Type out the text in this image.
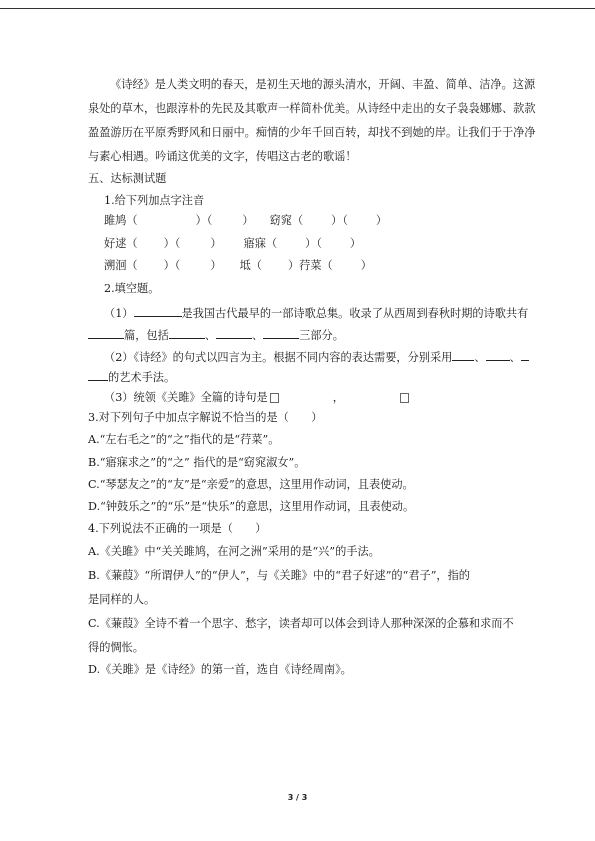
《诗经》是人类文明的春天，是初生天地的源头清水，开阔、丰盈、简单、洁净。这源
泉处的草木，也跟淳朴的先民及其歌声一样简朴优美。从诗经中走出的女子袅袅娜娜、款款
盈盈游历在平原秀野风和日丽中。痴情的少年千回百转，却找不到她的岸。让我们于于净净
与素心相遇。吟诵这优美的文字，传唱这古老的歌谣！
五、达标测试题
1.给下列加点字注音
雎鸠（	）（	） 窈窕（	）（	）
好逑（ ）（	） 寤寐（	）（	）
溯洄（ ）（	） 坻（ ）荇菜（	）
2.填空题。
（1）	是我国古代最早的一部诗歌总集。收录了从西周到春秋时期的诗歌共有
篇，包括	、	、	三部分。
（2）《诗经》的句式以四言为主。根据不同内容的表达需要，分别采用 、 、
的艺术手法。
（3）统领《关雎》全篇的诗句是	，
3.对下列句子中加点字解说不恰当的是（　　）
A.“左右毛之”的“之”指代的是“荇菜”。
B.“寤寐求之”的“之” 指代的是“窈窕淑女”。
C.“琴瑟友之”的“友”是“亲爱”的意思，这里用作动词，且表使动。
D.“钟鼓乐之”的“乐”是“快乐”的意思，这里用作动词，且表使动。
4.下列说法不正确的一项是（　　）
A.《关雎》中“关关雎鸠，在河之洲”采用的是“兴”的手法。
B.《蒹葭》“所谓伊人”的“伊人”，与《关雎》中的“君子好逑”的“君子”，指的
是同样的人。
C.《蒹葭》全诗不着一个思字、愁字，读者却可以体会到诗人那种深深的企慕和求而不
得的惆怅。
D.《关雎》是《诗经》的第一首，选自《诗经周南》。
3 / 3
